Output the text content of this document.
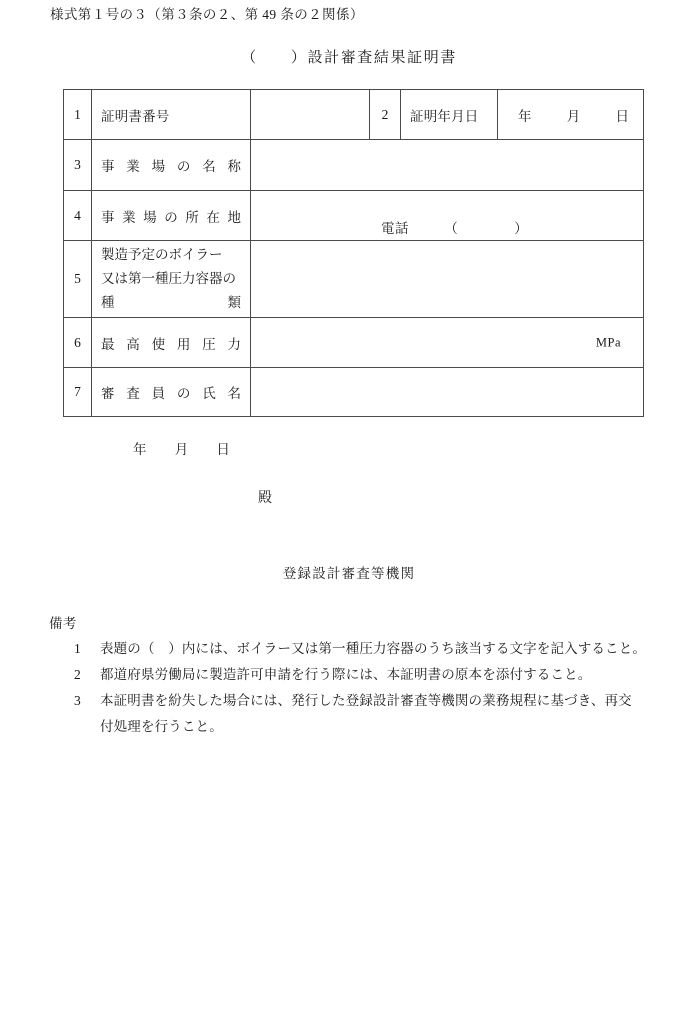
様式第１号の３（第３条の２、第 49 条の２関係）
（　　）設計審査結果証明書
1	証明書番号		2	証明年月日	年　　月　　日

3	事業場の名称				

4	事業場の所在地	電話　　　（　　　　）			

5	製造予定のボイラー
又は第一種圧力容器の
種　　　　　　　類				

6	最高使用圧力	MPa			

7	審査員の氏名				

年　　月　　日
殿
登録設計審査等機関
備考
1	表題の（　）内には、ボイラー又は第一種圧力容器のうち該当する文字を記入すること。
2	都道府県労働局に製造許可申請を行う際には、本証明書の原本を添付すること。
3	本証明書を紛失した場合には、発行した登録設計審査等機関の業務規程に基づき、再交
付処理を行うこと。
